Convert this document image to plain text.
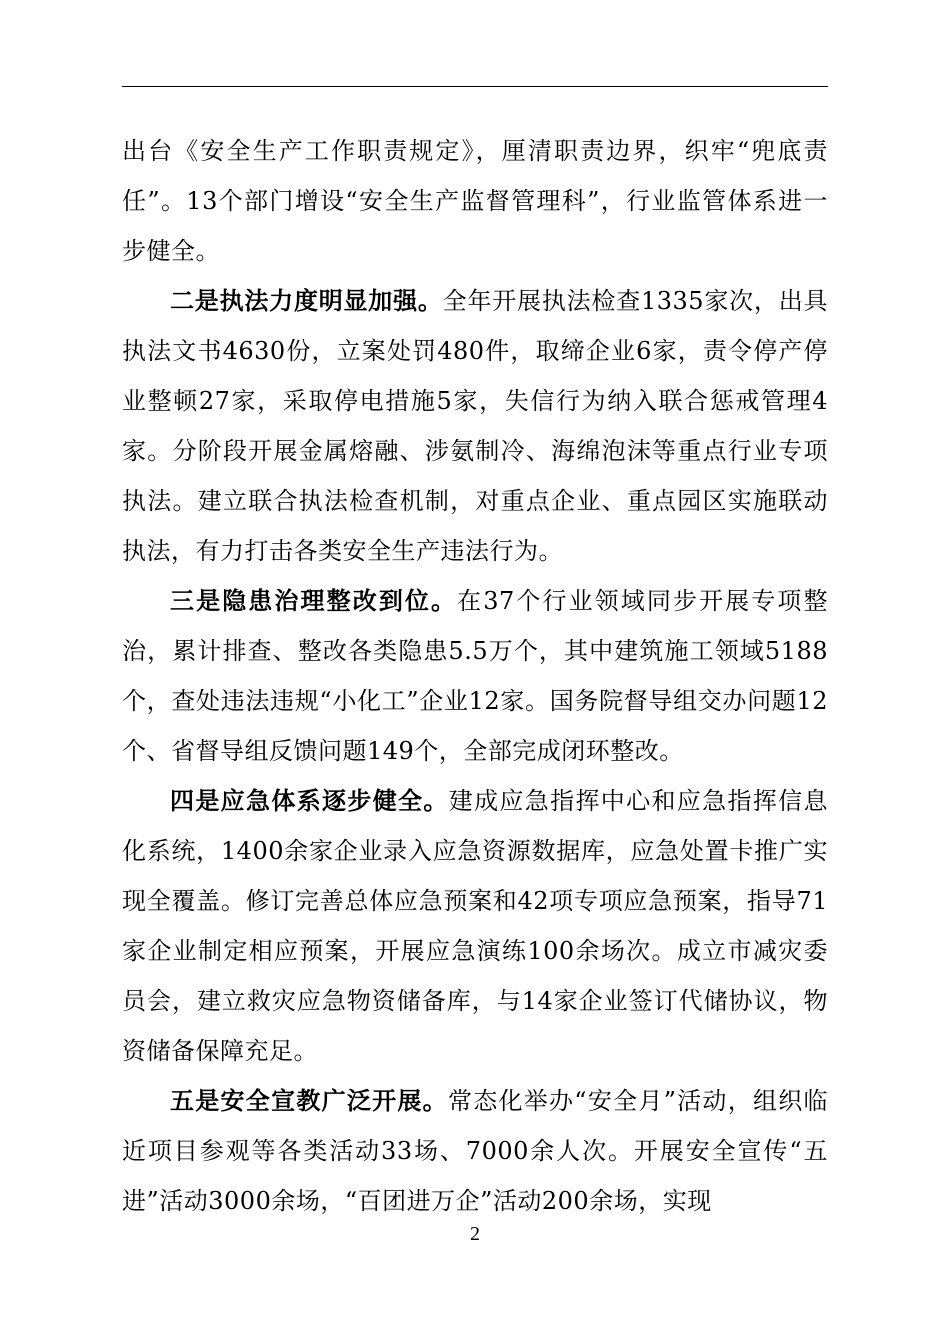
出台《安全生产工作职责规定》，厘清职责边界，织牢“兜底责任”。13个部门增设“安全生产监督管理科”，行业监管体系进一步健全。

二是执法力度明显加强。全年开展执法检查1335家次，出具执法文书4630份，立案处罚480件，取缔企业6家，责令停产停业整顿27家，采取停电措施5家，失信行为纳入联合惩戒管理4家。分阶段开展金属熔融、涉氨制冷、海绵泡沫等重点行业专项执法。建立联合执法检查机制，对重点企业、重点园区实施联动执法，有力打击各类安全生产违法行为。

三是隐患治理整改到位。在37个行业领域同步开展专项整治，累计排查、整改各类隐患5.5万个，其中建筑施工领域5188个，查处违法违规“小化工”企业12家。国务院督导组交办问题12个、省督导组反馈问题149个，全部完成闭环整改。

四是应急体系逐步健全。建成应急指挥中心和应急指挥信息化系统，1400余家企业录入应急资源数据库，应急处置卡推广实现全覆盖。修订完善总体应急预案和42项专项应急预案，指导71家企业制定相应预案，开展应急演练100余场次。成立市减灾委员会，建立救灾应急物资储备库，与14家企业签订代储协议，物资储备保障充足。

五是安全宣教广泛开展。常态化举办“安全月”活动，组织临近项目参观等各类活动33场、7000余人次。开展安全宣传“五进”活动3000余场，“百团进万企”活动200余场，实现

2
